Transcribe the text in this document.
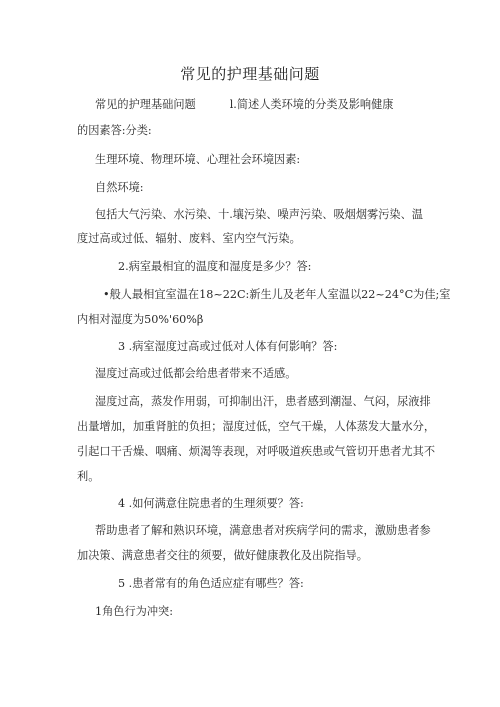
常见的护理基础问题
常见的护理基础问题	l.简述人类环境的分类及影响健康
的因素答:分类:
生理环境、物理环境、心理社会环境因素:
自然环境:
包括大气污染、水污染、十.壤污染、噪声污染、吸烟烟雾污染、温
度过高或过低、辐射、废料、室内空气污染。
2.病室最相宜的温度和湿度是多少？答:
•般人最相宜室温在18~22C:新生儿及老年人室温以22~24°C为佳;室
内相对湿度为50%'60%β
3 .病室湿度过高或过低对人体有何影响？答:
湿度过高或过低都会给患者带来不适感。
湿度过高，蒸发作用弱，可抑制出汗，患者感到潮湿、气闷，尿液排
出量增加，加重肾脏的负担；湿度过低，空气干燥，人体蒸发大量水分，
引起口干舌燥、咽痛、烦渴等表现，对呼吸道疾患或气管切开患者尤其不
利。
4 .如何满意住院患者的生理须要？答:
帮助患者了解和熟识环境，满意患者对疾病学问的需求，激励患者参
加决策、满意患者交往的须要，做好健康教化及出院指导。
5 .患者常有的角色适应症有哪些？答:
1角色行为冲突:
